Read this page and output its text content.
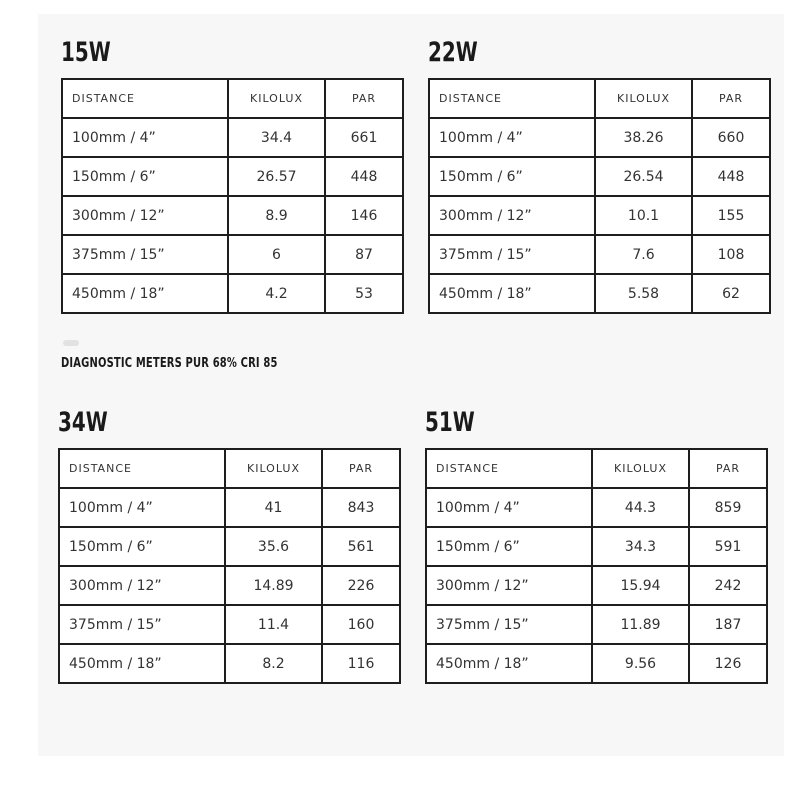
15W
DISTANCE	KILOLUX	PAR
100mm / 4”	34.4	661
150mm / 6”	26.57	448
300mm / 12”	8.9	146
375mm / 15”	6	87
450mm / 18”	4.2	53
22W
DISTANCE	KILOLUX	PAR
100mm / 4”	38.26	660
150mm / 6”	26.54	448
300mm / 12”	10.1	155
375mm / 15”	7.6	108
450mm / 18”	5.58	62
DIAGNOSTIC METERS PUR 68% CRI 85
34W
DISTANCE	KILOLUX	PAR
100mm / 4”	41	843
150mm / 6”	35.6	561
300mm / 12”	14.89	226
375mm / 15”	11.4	160
450mm / 18”	8.2	116
51W
DISTANCE	KILOLUX	PAR
100mm / 4”	44.3	859
150mm / 6”	34.3	591
300mm / 12”	15.94	242
375mm / 15”	11.89	187
450mm / 18”	9.56	126
